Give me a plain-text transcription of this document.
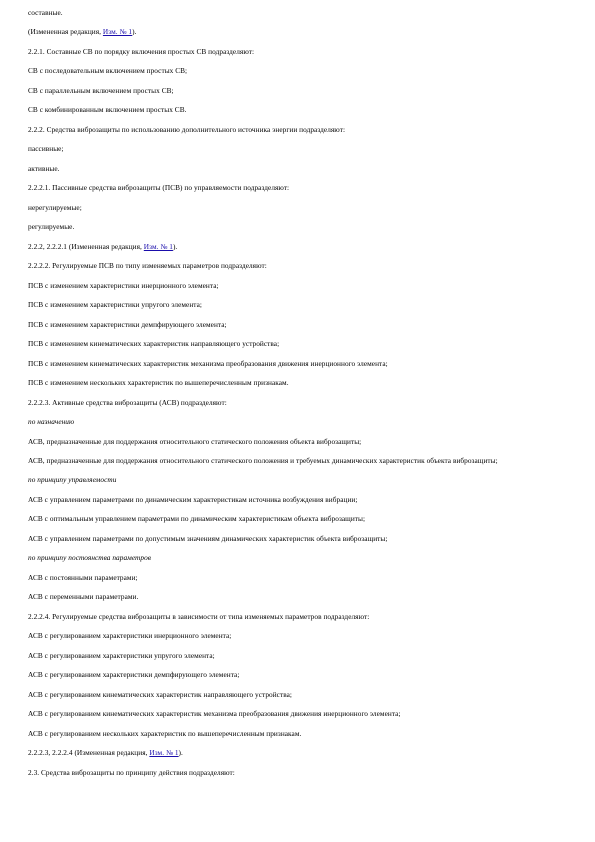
составные.

(Измененная редакция, Изм. № 1).

2.2.1. Составные СВ по порядку включения простых СВ подразделяют:

СВ с последовательным включением простых СВ;

СВ с параллельным включением простых СВ;

СВ с комбинированным включением простых СВ.

2.2.2. Средства виброзащиты по использованию дополнительного источника энергии подразделяют:

пассивные;

активные.

2.2.2.1. Пассивные средства виброзащиты (ПСВ) по управляемости подразделяют:

нерегулируемые;

регулируемые.

2.2.2, 2.2.2.1 (Измененная редакция, Изм. № 1).

2.2.2.2. Регулируемые ПСВ по типу изменяемых параметров подразделяют:

ПСВ с изменением характеристики инерционного элемента;

ПСВ с изменением характеристики упругого элемента;

ПСВ с изменением характеристики демпфирующего элемента;

ПСВ с изменением кинематических характеристик направляющего устройства;

ПСВ с изменением кинематических характеристик механизма преобразования движения инерционного элемента;

ПСВ с изменением нескольких характеристик по вышеперечисленным признакам.

2.2.2.3. Активные средства виброзащиты (АСВ) подразделяют:

по назначению

АСВ, предназначенные для поддержания относительного статического положения объекта виброзащиты;

АСВ, предназначенные для поддержания относительного статического положения и требуемых динамических характеристик объекта виброзащиты;

по принципу управляемости

АСВ с управлением параметрами по динамическим характеристикам источника возбуждения вибрации;

АСВ с оптимальным управлением параметрами по динамическим характеристикам объекта виброзащиты;

АСВ с управлением параметрами по допустимым значениям динамических характеристик объекта виброзащиты;

по принципу постоянства параметров

АСВ с постоянными параметрами;

АСВ с переменными параметрами.

2.2.2.4. Регулируемые средства виброзащиты в зависимости от типа изменяемых параметров подразделяют:

АСВ с регулированием характеристики инерционного элемента;

АСВ с регулированием характеристики упругого элемента;

АСВ с регулированием характеристики демпфирующего элемента;

АСВ с регулированием кинематических характеристик направляющего устройства;

АСВ с регулированием кинематических характеристик механизма преобразования движения инерционного элемента;

АСВ с регулированием нескольких характеристик по вышеперечисленным признакам.

2.2.2.3, 2.2.2.4 (Измененная редакция, Изм. № 1).

2.3. Средства виброзащиты по принципу действия подразделяют:
